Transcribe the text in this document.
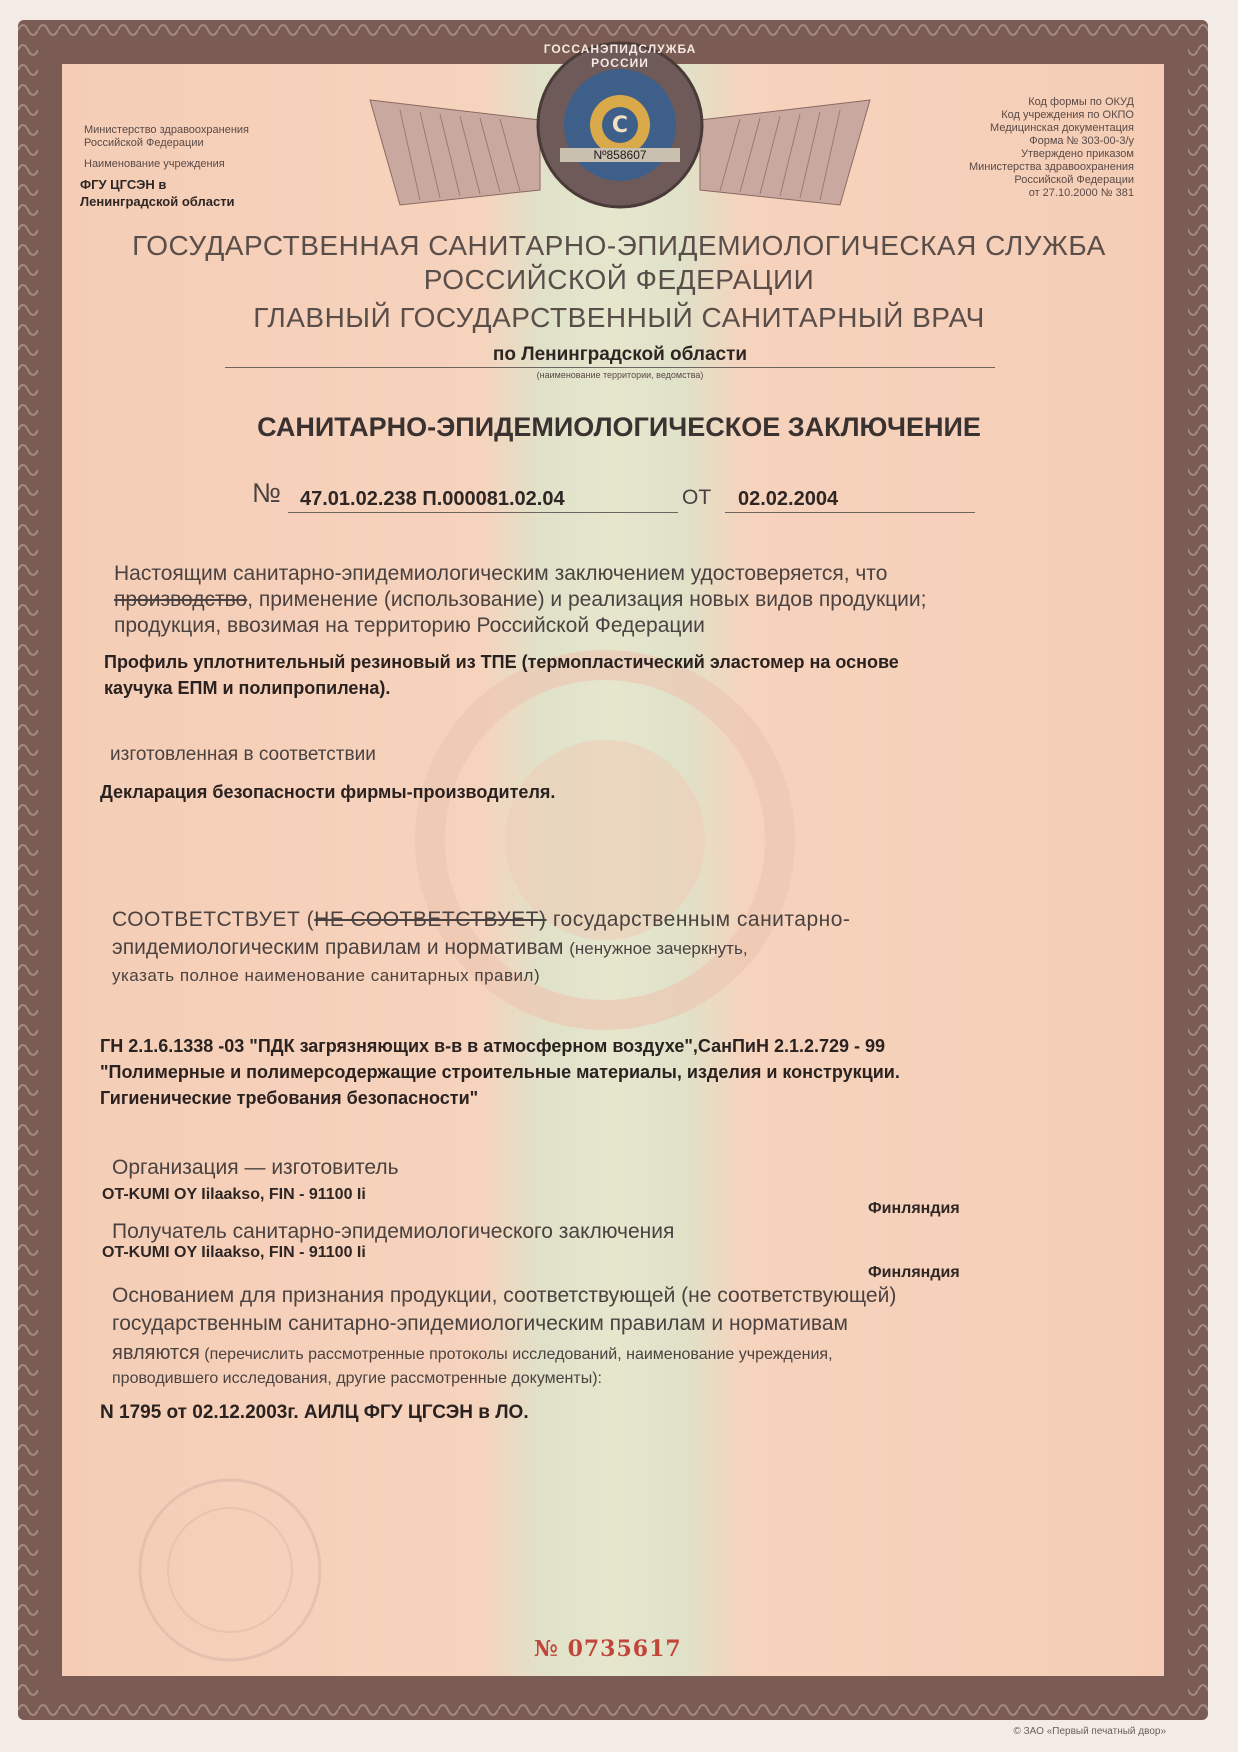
С
ГОССАНЭПИДСЛУЖБА РОССИИ
Nº858607
Министерство здравоохранения Российской Федерации
Наименование учреждения
ФГУ ЦГСЭН в
Ленинградской области
Код формы по ОКУД
Код учреждения по ОКПО
Медицинская документация
Форма № 303-00-3/у
Утверждено приказом
Министерства здравоохранения
Российской Федерации
от 27.10.2000 № 381
ГОСУДАРСТВЕННАЯ САНИТАРНО-ЭПИДЕМИОЛОГИЧЕСКАЯ СЛУЖБА
РОССИЙСКОЙ ФЕДЕРАЦИИ
ГЛАВНЫЙ ГОСУДАРСТВЕННЫЙ САНИТАРНЫЙ ВРАЧ
по Ленинградской области
(наименование территории, ведомства)
САНИТАРНО-ЭПИДЕМИОЛОГИЧЕСКОЕ ЗАКЛЮЧЕНИЕ
№ 47.01.02.238 П.000081.02.04	ОТ 02.02.2004
Настоящим санитарно-эпидемиологическим заключением удостоверяется, что
производство, применение (использование) и реализация новых видов продукции;
продукция, ввозимая на территорию Российской Федерации
Профиль уплотнительный резиновый из ТПЕ (термопластический эластомер на основе
каучука ЕПМ и полипропилена).
изготовленная в соответствии
Декларация безопасности фирмы-производителя.
СООТВЕТСТВУЕТ (НЕ СООТВЕТСТВУЕТ) государственным санитарно-
эпидемиологическим правилам и нормативам (ненужное зачеркнуть,
указать полное наименование санитарных правил)
ГН 2.1.6.1338 -03 "ПДК загрязняющих в-в в атмосферном воздухе",СанПиН 2.1.2.729 - 99
"Полимерные и полимерсодержащие строительные материалы, изделия и конструкции.
Гигиенические требования безопасности"
Организация — изготовитель
OT-KUMI OY Iilaakso, FIN - 91100 Ii
Финляндия
Получатель санитарно-эпидемиологического заключения
OT-KUMI OY Iilaakso, FIN - 91100 Ii
Финляндия
Основанием для признания продукции, соответствующей (не соответствующей)
государственным санитарно-эпидемиологическим правилам и нормативам
являются (перечислить рассмотренные протоколы исследований, наименование учреждения,
проводившего исследования, другие рассмотренные документы):
N 1795 от 02.12.2003г. АИЛЦ ФГУ ЦГСЭН в ЛО.
№ 0735617
© ЗАО «Первый печатный двор»
